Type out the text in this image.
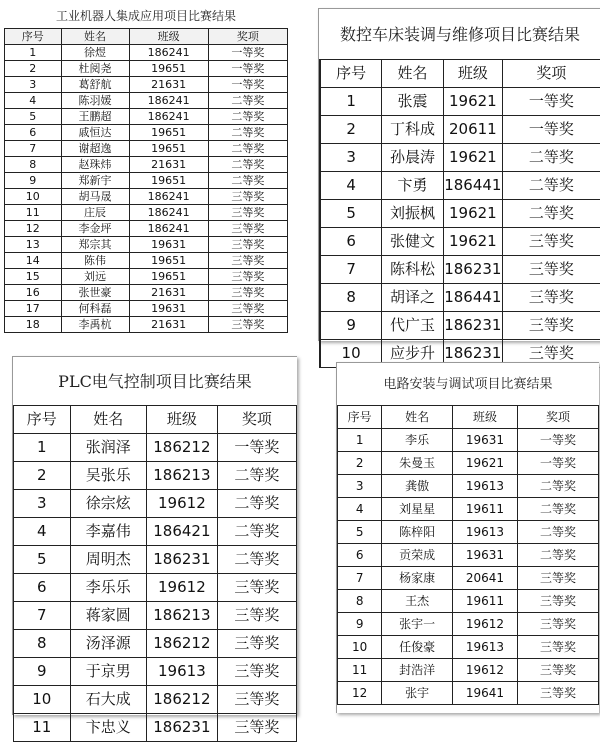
工业机器人集成应用项目比赛结果
序号	姓名	班级	奖项
1	徐煜	186241	一等奖
2	杜阅尧	19651	一等奖
3	葛舒航	21631	一等奖
4	陈羽媛	186241	二等奖
5	王鹏超	186241	二等奖
6	戚恒达	19651	二等奖
7	谢超逸	19651	二等奖
8	赵珠炜	21631	二等奖
9	郑新宇	19651	二等奖
10	胡马晟	186241	三等奖
11	庄辰	186241	三等奖
12	李金坪	186241	三等奖
13	郑宗其	19631	三等奖
14	陈伟	19651	三等奖
15	刘远	19651	三等奖
16	张世豪	21631	三等奖
17	何科磊	19631	三等奖
18	李禹杭	21631	三等奖
数控车床装调与维修项目比赛结果
序号	姓名	班级	奖项
1	张震	19621	一等奖
2	丁科成	20611	一等奖
3	孙晨涛	19621	二等奖
4	卞勇	186441	二等奖
5	刘振枫	19621	二等奖
6	张健文	19621	三等奖
7	陈科松	186231	三等奖
8	胡译之	186441	三等奖
9	代广玉	186231	三等奖
10	应步升	186231	三等奖
PLC电气控制项目比赛结果
序号	姓名	班级	奖项
1	张润泽	186212	一等奖
2	吴张乐	186213	二等奖
3	徐宗炫	19612	二等奖
4	李嘉伟	186421	二等奖
5	周明杰	186231	二等奖
6	李乐乐	19612	三等奖
7	蒋家圆	186213	三等奖
8	汤泽源	186212	三等奖
9	于京男	19613	三等奖
10	石大成	186212	三等奖
11	卞忠义	186231	三等奖
电路安装与调试项目比赛结果
序号	姓名	班级	奖项
1	李乐	19631	一等奖
2	朱曼玉	19621	一等奖
3	龚傲	19613	二等奖
4	刘星星	19611	二等奖
5	陈梓阳	19613	二等奖
6	贡荣成	19631	二等奖
7	杨家康	20641	三等奖
8	王杰	19611	三等奖
9	张宇一	19612	三等奖
10	任俊豪	19613	三等奖
11	封浩洋	19612	三等奖
12	张宇	19641	三等奖
